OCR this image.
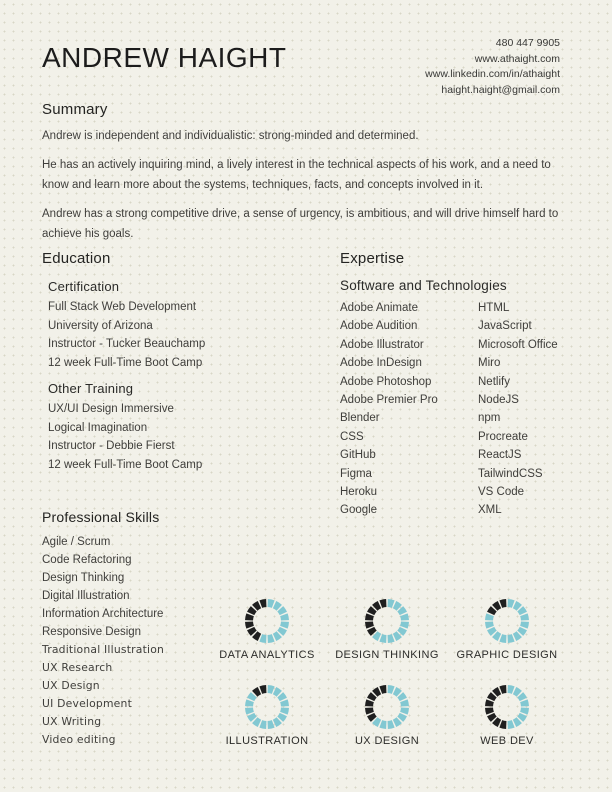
ANDREW HAIGHT	480 447 9905
www.athaight.com
www.linkedin.com/in/athaight
haight.haight@gmail.com
Summary
Andrew is independent and individualistic: strong-minded and determined.
He has an actively inquiring mind, a lively interest in the technical aspects of his work, and a need to know and learn more about the systems, techniques, facts, and concepts involved in it.
Andrew has a strong competitive drive, a sense of urgency, is ambitious, and will drive himself hard to achieve his goals.
Education
Certification
Full Stack Web Development
University of Arizona
Instructor - Tucker Beauchamp
12 week Full-Time Boot Camp
Other Training
UX/UI Design Immersive
Logical Imagination
Instructor - Debbie Fierst
12 week Full-Time Boot Camp
Professional Skills
Agile / Scrum
Code Refactoring
Design Thinking
Digital Illustration
Information Architecture
Responsive Design
Traditional Illustration
UX Research
UX Design
UI Development
UX Writing
Video editing
Expertise
Software and Technologies
Adobe Animate
Adobe Audition
Adobe Illustrator
Adobe InDesign
Adobe Photoshop
Adobe Premier Pro
Blender
CSS
GitHub
Figma
Heroku
Google
HTML
JavaScript
Microsoft Office
Miro
Netlify
NodeJS
npm
Procreate
ReactJS
TailwindCSS
VS Code
XML
DATA ANALYTICS DESIGN THINKING GRAPHIC DESIGN
ILLUSTRATION	UX DESIGN	WEB DEV
